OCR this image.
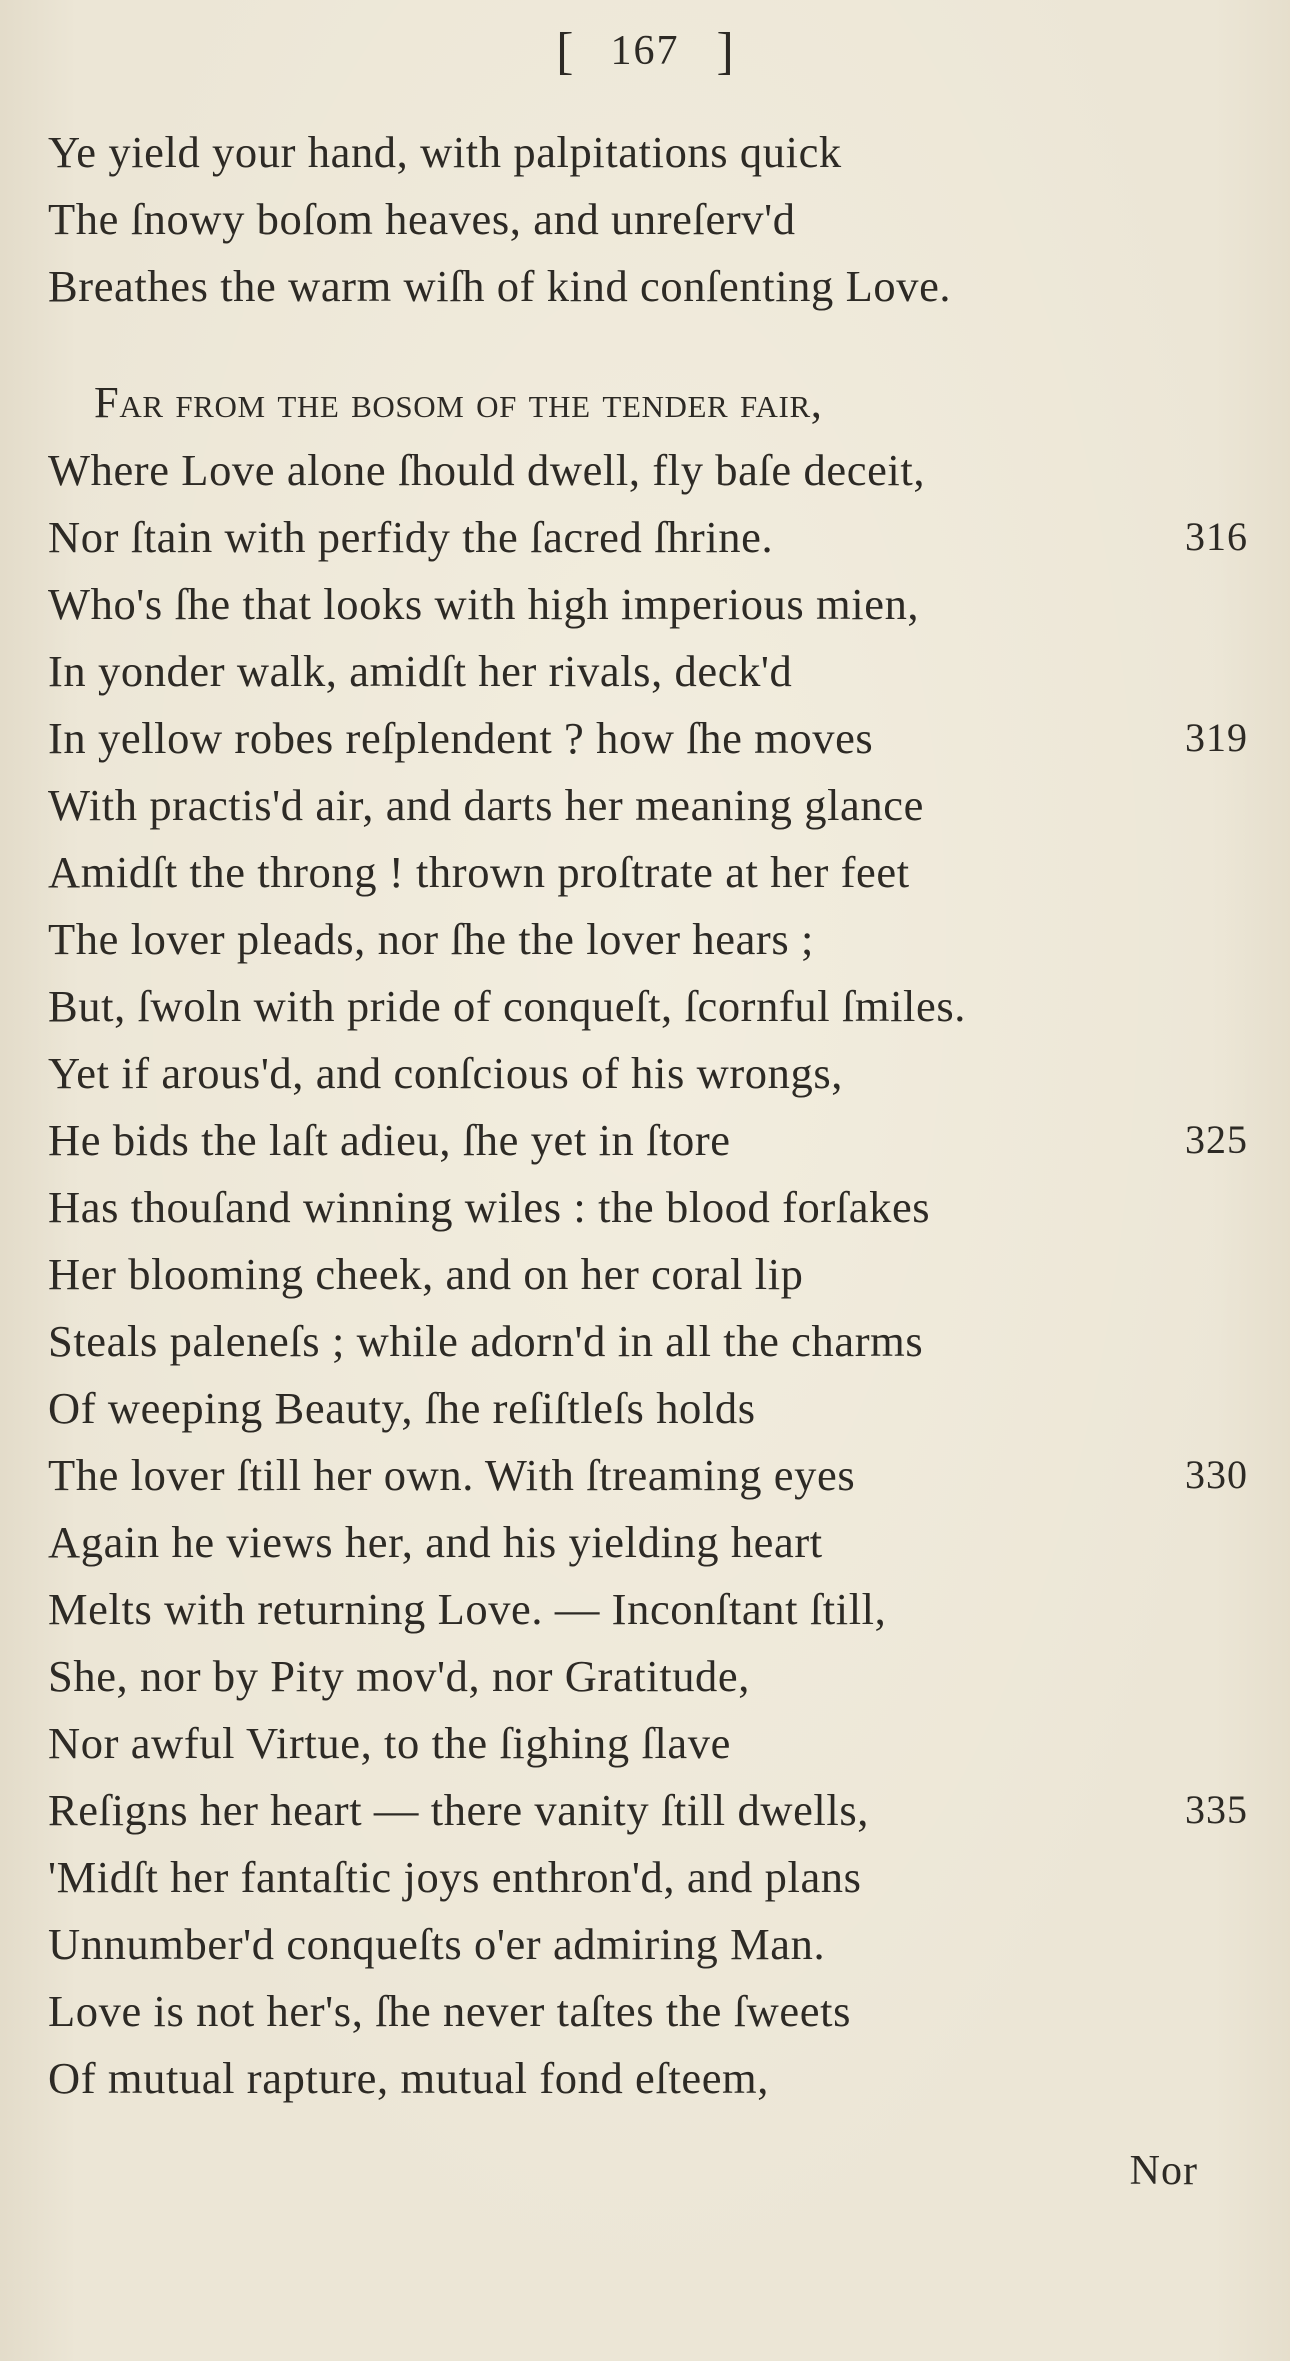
[ 167 ]
Ye yield your hand, with palpitations quick
The ſnowy boſom heaves, and unreſerv'd
Breathes the warm wiſh of kind conſenting Love.
Far from the boſom of the tender fair,
Where Love alone ſhould dwell, fly baſe deceit,
Nor ſtain with perfidy the ſacred ſhrine.	316
Who's ſhe that looks with high imperious mien,
In yonder walk, amidſt her rivals, deck'd
In yellow robes reſplendent ? how ſhe moves	319
With practis'd air, and darts her meaning glance
Amidſt the throng ! thrown proſtrate at her feet
The lover pleads, nor ſhe the lover hears ;
But, ſwoln with pride of conqueſt, ſcornful ſmiles.
Yet if arous'd, and conſcious of his wrongs,
He bids the laſt adieu, ſhe yet in ſtore	325
Has thouſand winning wiles : the blood forſakes
Her blooming cheek, and on her coral lip
Steals paleneſs ; while adorn'd in all the charms
Of weeping Beauty, ſhe reſiſtleſs holds
The lover ſtill her own. With ſtreaming eyes	330
Again he views her, and his yielding heart
Melts with returning Love. — Inconſtant ſtill,
She, nor by Pity mov'd, nor Gratitude,
Nor awful Virtue, to the ſighing ſlave
Reſigns her heart — there vanity ſtill dwells,	335
'Midſt her fantaſtic joys enthron'd, and plans
Unnumber'd conqueſts o'er admiring Man.
Love is not her's, ſhe never taſtes the ſweets
Of mutual rapture, mutual fond eſteem,
Nor
